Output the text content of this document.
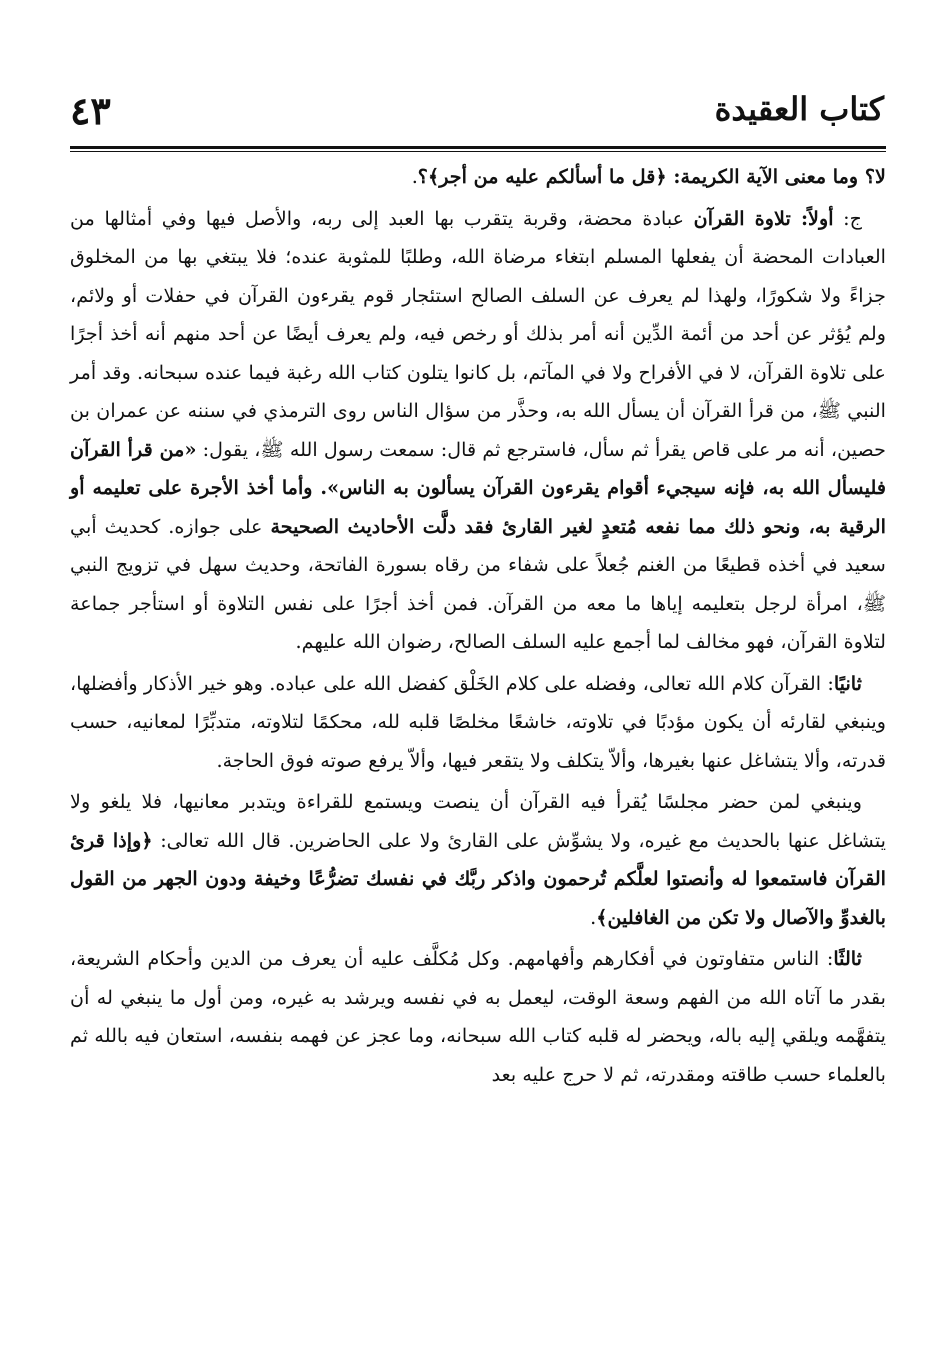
كتاب العقيدة
٤٣

لا؟ وما معنى الآية الكريمة: ﴿قل ما أسألكم عليه من أجر﴾؟.

ج: أولاً: تلاوة القرآن عبادة محضة، وقربة يتقرب بها العبد إلى ربه، والأصل فيها وفي أمثالها من العبادات المحضة أن يفعلها المسلم ابتغاء مرضاة الله، وطلبًا للمثوبة عنده؛ فلا يبتغي بها من المخلوق جزاءً ولا شكورًا، ولهذا لم يعرف عن السلف الصالح استئجار قوم يقرءون القرآن في حفلات أو ولائم، ولم يُؤثر عن أحد من أئمة الدِّين أنه أمر بذلك أو رخص فيه، ولم يعرف أيضًا عن أحد منهم أنه أخذ أجرًا على تلاوة القرآن، لا في الأفراح ولا في المآتم، بل كانوا يتلون كتاب الله رغبة فيما عنده سبحانه. وقد أمر النبي ﷺ، من قرأ القرآن أن يسأل الله به، وحذَّر من سؤال الناس روى الترمذي في سننه عن عمران بن حصين، أنه مر على قاص يقرأ ثم سأل، فاسترجع ثم قال: سمعت رسول الله ﷺ، يقول: «من قرأ القرآن فليسأل الله به، فإنه سيجيء أقوام يقرءون القرآن يسألون به الناس». وأما أخذ الأجرة على تعليمه أو الرقية به، ونحو ذلك مما نفعه مُتعدٍ لغير القارئ فقد دلَّت الأحاديث الصحيحة على جوازه. كحديث أبي سعيد في أخذه قطيعًا من الغنم جُعلاً على شفاء من رقاه بسورة الفاتحة، وحديث سهل في تزويج النبي ﷺ، امرأة لرجل بتعليمه إياها ما معه من القرآن. فمن أخذ أجرًا على نفس التلاوة أو استأجر جماعة لتلاوة القرآن، فهو مخالف لما أجمع عليه السلف الصالح، رضوان الله عليهم.

ثانيًا: القرآن كلام الله تعالى، وفضله على كلام الخَلْق كفضل الله على عباده. وهو خير الأذكار وأفضلها، وينبغي لقارئه أن يكون مؤدبًا في تلاوته، خاشعًا مخلصًا قلبه لله، محكمًا لتلاوته، متدبِّرًا لمعانيه، حسب قدرته، وألا يتشاغل عنها بغيرها، وألاّ يتكلف ولا يتقعر فيها، وألاّ يرفع صوته فوق الحاجة.

وينبغي لمن حضر مجلسًا يُقرأ فيه القرآن أن ينصت ويستمع للقراءة ويتدبر معانيها، فلا يلغو ولا يتشاغل عنها بالحديث مع غيره، ولا يشوِّش على القارئ ولا على الحاضرين. قال الله تعالى: ﴿وإذا قرئ القرآن فاستمعوا له وأنصتوا لعلَّكم تُرحمون واذكر ربَّك في نفسك تضرُّعًا وخيفة ودون الجهر من القول بالغدوِّ والآصال ولا تكن من الغافلين﴾.

ثالثًا: الناس متفاوتون في أفكارهم وأفهامهم. وكل مُكلَّف عليه أن يعرف من الدين وأحكام الشريعة، بقدر ما آتاه الله من الفهم وسعة الوقت، ليعمل به في نفسه ويرشد به غيره، ومن أول ما ينبغي له أن يتفهَّمه ويلقي إليه باله، ويحضر له قلبه كتاب الله سبحانه، وما عجز عن فهمه بنفسه، استعان فيه بالله ثم بالعلماء حسب طاقته ومقدرته، ثم لا حرج عليه بعد
